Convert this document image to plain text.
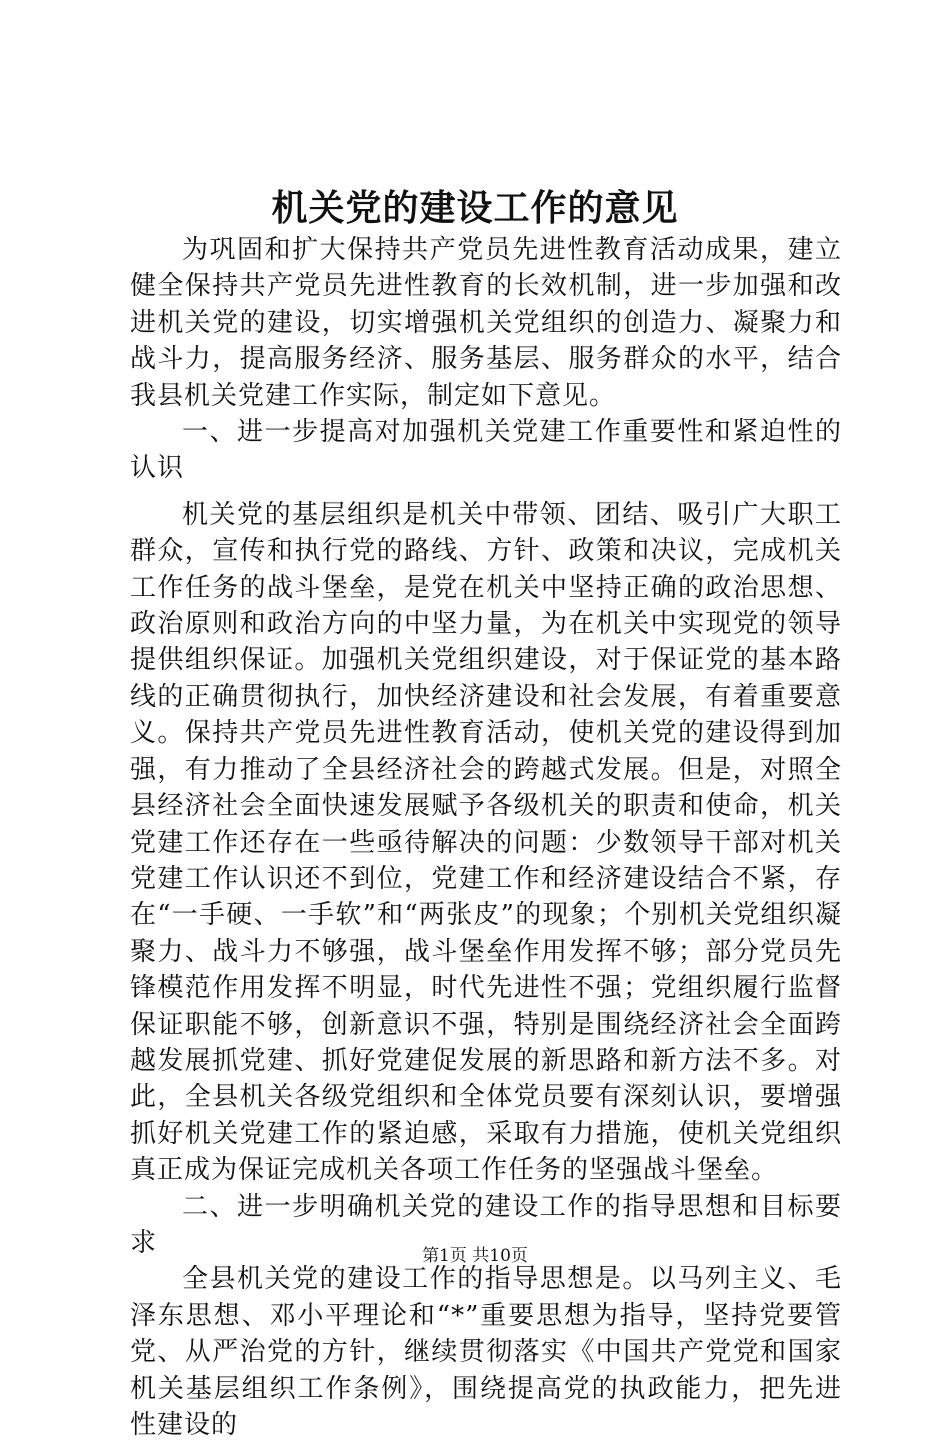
机关党的建设工作的意见

为巩固和扩大保持共产党员先进性教育活动成果，建立健全保持共产党员先进性教育的长效机制，进一步加强和改进机关党的建设，切实增强机关党组织的创造力、凝聚力和战斗力，提高服务经济、服务基层、服务群众的水平，结合我县机关党建工作实际，制定如下意见。

一、进一步提高对加强机关党建工作重要性和紧迫性的认识

机关党的基层组织是机关中带领、团结、吸引广大职工群众，宣传和执行党的路线、方针、政策和决议，完成机关工作任务的战斗堡垒，是党在机关中坚持正确的政治思想、政治原则和政治方向的中坚力量，为在机关中实现党的领导提供组织保证。加强机关党组织建设，对于保证党的基本路线的正确贯彻执行，加快经济建设和社会发展，有着重要意义。保持共产党员先进性教育活动，使机关党的建设得到加强，有力推动了全县经济社会的跨越式发展。但是，对照全县经济社会全面快速发展赋予各级机关的职责和使命，机关党建工作还存在一些亟待解决的问题：少数领导干部对机关党建工作认识还不到位，党建工作和经济建设结合不紧，存在“一手硬、一手软”和“两张皮”的现象；个别机关党组织凝聚力、战斗力不够强，战斗堡垒作用发挥不够；部分党员先锋模范作用发挥不明显，时代先进性不强；党组织履行监督保证职能不够，创新意识不强，特别是围绕经济社会全面跨越发展抓党建、抓好党建促发展的新思路和新方法不多。对此，全县机关各级党组织和全体党员要有深刻认识，要增强抓好机关党建工作的紧迫感，采取有力措施，使机关党组织真正成为保证完成机关各项工作任务的坚强战斗堡垒。

二、进一步明确机关党的建设工作的指导思想和目标要求

全县机关党的建设工作的指导思想是。以马列主义、毛泽东思想、邓小平理论和“*”重要思想为指导，坚持党要管党、从严治党的方针，继续贯彻落实《中国共产党党和国家机关基层组织工作条例》，围绕提高党的执政能力，把先进性建设的

第1页 共10页
